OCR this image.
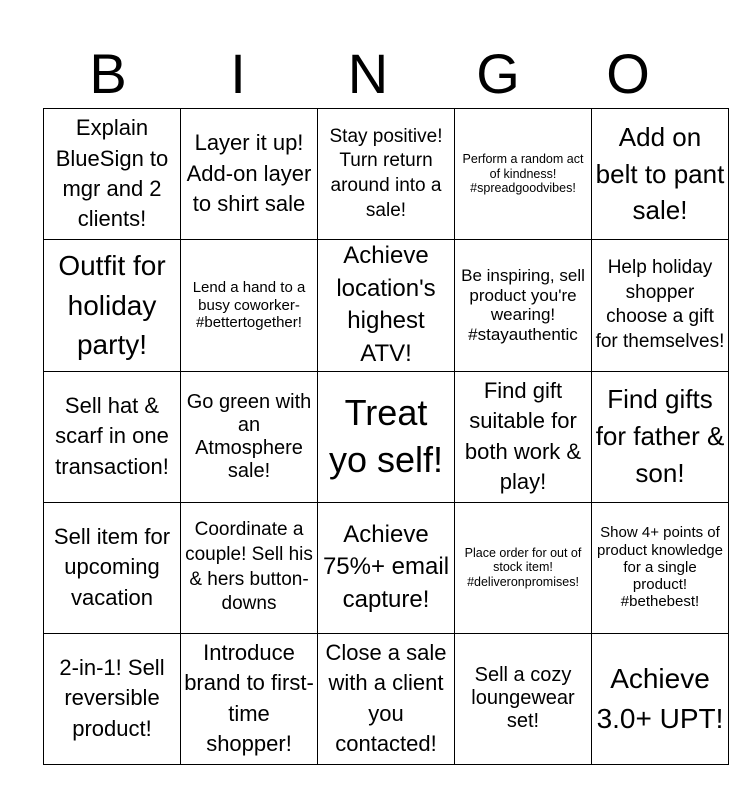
B	I	N	G	O
Explain BlueSign to mgr and 2 clients!	Layer it up! Add-on layer to shirt sale	Stay positive! Turn return around into a sale!	Perform a random act of kindness! #spreadgoodvibes!	Add on belt to pant sale!
Outfit for holiday party!	Lend a hand to a busy coworker- #bettertogether!	Achieve location's highest ATV!	Be inspiring, sell product you're wearing! #stayauthentic	Help holiday shopper choose a gift for themselves!
Sell hat & scarf in one transaction!	Go green with an Atmosphere sale!	Treat yo self!	Find gift suitable for both work & play!	Find gifts for father & son!
Sell item for upcoming vacation	Coordinate a couple! Sell his & hers button-downs	Achieve 75%+ email capture!	Place order for out of stock item! #deliveronpromises!	Show 4+ points of product knowledge for a single product! #bethebest!
2-in-1! Sell reversible product!	Introduce brand to first-time shopper!	Close a sale with a client you contacted!	Sell a cozy loungewear set!	Achieve 3.0+ UPT!
